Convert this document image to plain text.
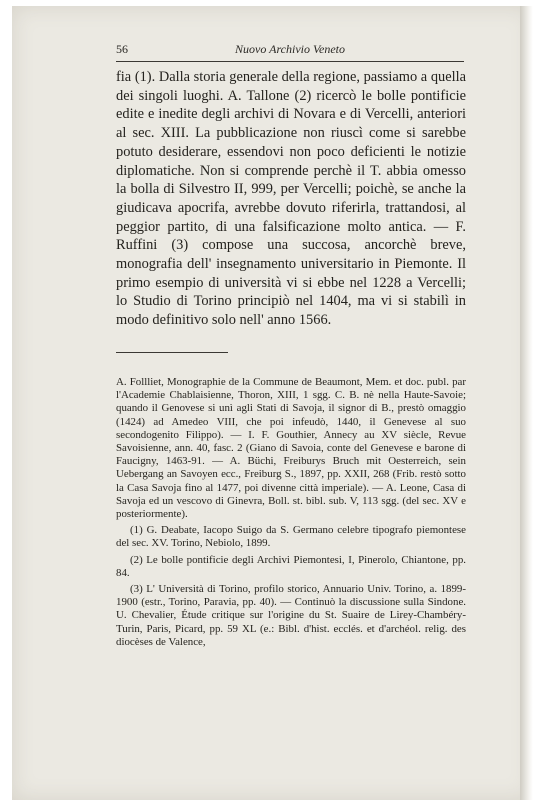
56	Nuovo Archivio Veneto

fia (1). Dalla storia generale della regione, passiamo a quella dei singoli luoghi. A. Tallone (2) ricercò le bolle pontificie edite e inedite degli archivi di Novara e di Vercelli, anteriori al sec. XIII. La pubblicazione non riuscì come si sarebbe potuto desiderare, essendovi non poco deficienti le notizie diplomatiche. Non si comprende perchè il T. abbia omesso la bolla di Silvestro II, 999, per Vercelli; poichè, se anche la giudicava apocrifa, avrebbe dovuto riferirla, trattandosi, al peggior partito, di una falsificazione molto antica. — F. Ruffini (3) compose una succosa, ancorchè breve, monografia dell' insegnamento universitario in Piemonte. Il primo esempio di università vi si ebbe nel 1228 a Vercelli; lo Studio di Torino principiò nel 1404, ma vi si stabilì in modo definitivo solo nell' anno 1566.

A. Follliet, Monographie de la Commune de Beaumont, Mem. et doc. publ. par l'Academie Chablaisienne, Thoron, XIII, 1 sgg. C. B. nè nella Haute-Savoie; quando il Genovese si unì agli Stati di Savoja, il signor di B., prestò omaggio (1424) ad Amedeo VIII, che poi infeudò, 1440, il Genevese al suo secondogenito Filippo). — I. F. Gouthier, Annecy au XV siècle, Revue Savoisienne, ann. 40, fasc. 2 (Giano di Savoia, conte del Genevese e barone di Faucigny, 1463-91. — A. Büchi, Freiburys Bruch mit Oesterreich, sein Uebergang an Savoyen ecc., Freiburg S., 1897, pp. XXII, 268 (Frib. restò sotto la Casa Savoja fino al 1477, poi divenne città imperiale). — A. Leone, Casa di Savoja ed un vescovo di Ginevra, Boll. st. bibl. sub. V, 113 sgg. (del sec. XV e posteriormente).

(1) G. Deabate, Iacopo Suigo da S. Germano celebre tipografo piemontese del sec. XV. Torino, Nebiolo, 1899.

(2) Le bolle pontificie degli Archivi Piemontesi, I, Pinerolo, Chiantone, pp. 84.

(3) L' Università di Torino, profilo storico, Annuario Univ. Torino, a. 1899-1900 (estr., Torino, Paravia, pp. 40). — Continuò la discussione sulla Sindone. U. Chevalier, Étude critique sur l'origine du St. Suaire de Lirey-Chambéry-Turin, Paris, Picard, pp. 59 XL (e.: Bibl. d'hist. ecclés. et d'archéol. relig. des diocèses de Valence,
